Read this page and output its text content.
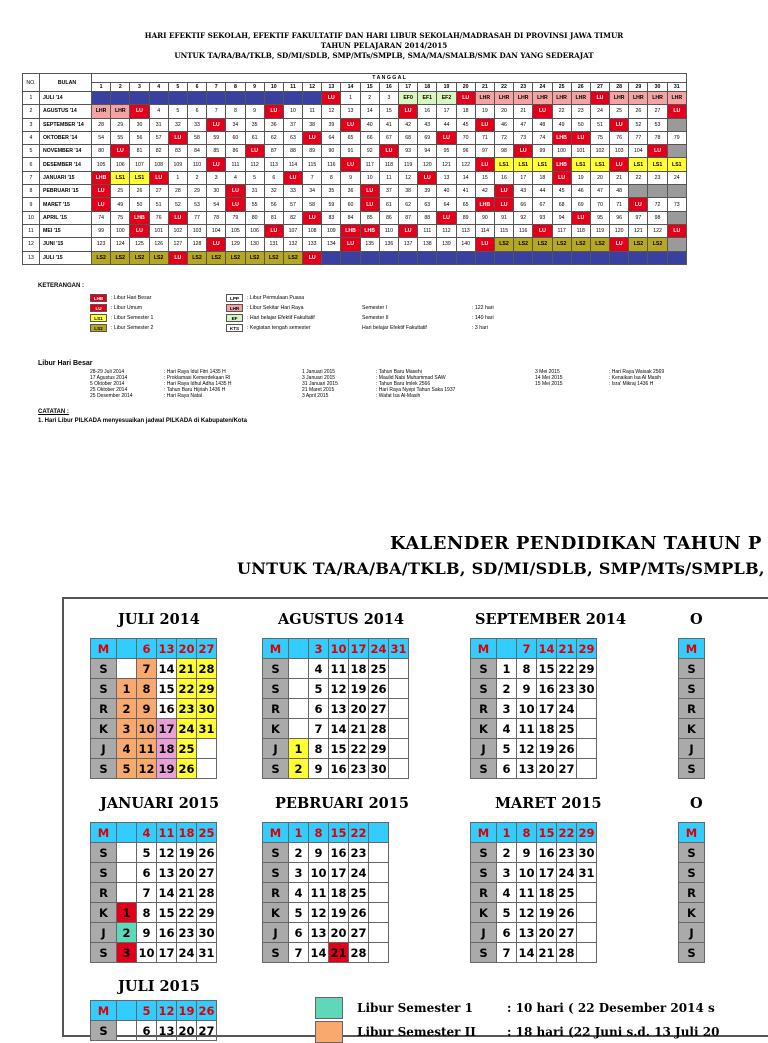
HARI EFEKTIF SEKOLAH, EFEKTIF FAKULTATIF DAN HARI LIBUR SEKOLAH/MADRASAH DI PROVINSI JAWA TIMUR
TAHUN PELAJARAN 2014/2015
UNTUK TA/RA/BA/TKLB, SD/MI/SDLB, SMP/MTs/SMPLB, SMA/MA/SMALB/SMK DAN YANG SEDERAJAT
NO.	BULAN	T A N G G A L																														
		1	2	3	4	5	6	7	8	9	10	11	12	13	14	15	16	17	18	19	20	21	22	23	24	25	26	27	28	29	30	31
1	JULI '14													LU	1	2	3	EF0	EF1	EF2	LU	LHR	LHR	LHR	LHR	LHR	LHR	LU	LHR	LHR	LHR	LHR
2	AGUSTUS '14	LHR	LHR	LU	4	5	6	7	8	9	LU	10	11	12	13	14	15	LU	16	17	18	19	20	21	LU	22	23	24	25	26	27	LU
3	SEPTEMBER '14	28	29	30	31	32	33	LU	34	35	36	37	38	39	LU	40	41	42	43	44	45	LU	46	47	48	49	50	51	LU	52	53	
4	OKTOBER '14	54	55	56	57	LU	58	59	60	61	62	63	LU	64	65	66	67	68	69	LU	70	71	72	73	74	LHB	LU	75	76	77	78	79
5	NOVEMBER '14	80	LU	81	82	83	84	85	86	LU	87	88	89	90	91	92	LU	93	94	95	96	97	98	LU	99	100	101	102	103	104	LU	
6	DESEMBER '14	105	106	107	108	109	110	LU	111	112	113	114	115	116	LU	117	118	119	120	121	122	LU	LS1	LS1	LS1	LHB	LS1	LS1	LU	LS1	LS1	LS1
7	JANUARI '15	LHB	LS1	LS1	LU	1	2	3	4	5	6	LU	7	8	9	10	11	12	LU	13	14	15	16	17	18	LU	19	20	21	22	23	24
8	PEBRUARI '15	LU	25	26	27	28	29	30	LU	31	32	33	34	35	36	LU	37	38	39	40	41	42	LU	43	44	45	46	47	48			
9	MARET '15	LU	49	50	51	52	53	54	LU	55	56	57	58	59	60	LU	61	62	63	64	65	LHB	LU	66	67	68	69	70	71	LU	72	73
10	APRIL '15	74	75	LHB	76	LU	77	78	79	80	81	82	LU	83	84	85	86	87	88	LU	89	90	91	92	93	94	LU	95	96	97	98	
11	MEI '15	99	100	LU	101	102	103	104	105	106	LU	107	108	109	LHB	LHB	110	LU	111	112	113	114	115	116	LU	117	118	119	120	121	122	LU
12	JUNI '15	123	124	125	126	127	128	LU	129	130	131	132	133	134	LU	135	136	137	138	139	140	LU	LS2	LS2	LS2	LS2	LS2	LS2	LU	LS2	LS2	
13	JULI '15	LS2	LS2	LS2	LS2	LU	LS2	LS2	LS2	LS2	LS2	LS2	LU																			
KETERANGAN :
LHB	: Libur Hari Besar
LU	: Libur Umum
LS1	: Libur Semester 1
LS2	: Libur Semester 2
LPP	: Libur Permulaan Puasa
LHR	: Libur Sekitar Hari Raya
EF	: Hari belajar Efektif Fakultatif
KTS	: Kegiatan tengah semester
Semester I	: 122 hari
Semester II	: 140 hari
Hari belajar Efektif Fakultatif	: 3 hari
Libur Hari Besar
28-29 Juli 2014	: Hari Raya Idul Fitri 1435 H
17 Agustus 2014	: Proklamasi Kemerdekaan RI
5 Oktober 2014	: Hari Raya Idhul Adha 1435 H
25 Oktober 2014	: Tahun Baru Hijriah 1436 H
25 Desember 2014	: Hari Raya Natal
1 Januari 2015	: Tahun Baru Masehi
3 Januari 2015	: Maulid Nabi Muhammad SAW
31 Januari 2015	: Tahun Baru Imlek 2566
21 Maret 2015	: Hari Raya Nyepi Tahun Saka 1937
3 April 2015	: Wafat Isa Al-Masih
3 Mei 2015	: Hari Raya Waisak 2569
14 Mei 2015	: Kenaikan Isa Al Masih
15 Mei 2015	: Isra' Mikraj 1436 H
CATATAN :
1. Hari Libur PILKADA menyesuaikan jadwal PILKADA di Kabupaten/Kota
KALENDER PENDIDIKAN TAHUN P
UNTUK TA/RA/BA/TKLB, SD/MI/SDLB, SMP/MTs/SMPLB,
JULI 2014
M		6	13	20	27
S		7	14	21	28
S	1	8	15	22	29
R	2	9	16	23	30
K	3	10	17	24	31
J	4	11	18	25	
S	5	12	19	26	
AGUSTUS 2014
M		3	10	17	24	31
S		4	11	18	25	
S		5	12	19	26	
R		6	13	20	27	
K		7	14	21	28	
J	1	8	15	22	29	
S	2	9	16	23	30	
SEPTEMBER 2014
M		7	14	21	29
S	1	8	15	22	29
S	2	9	16	23	30
R	3	10	17	24	
K	4	11	18	25	
J	5	12	19	26	
S	6	13	20	27	
JANUARI 2015
M		4	11	18	25
S		5	12	19	26
S		6	13	20	27
R		7	14	21	28
K	1	8	15	22	29
J	2	9	16	23	30
S	3	10	17	24	31
PEBRUARI 2015
M	1	8	15	22	
S	2	9	16	23	
S	3	10	17	24	
R	4	11	18	25	
K	5	12	19	26	
J	6	13	20	27	
S	7	14	21	28	
MARET 2015
M	1	8	15	22	29
S	2	9	16	23	30
S	3	10	17	24	31
R	4	11	18	25	
K	5	12	19	26	
J	6	13	20	27	
S	7	14	21	28	
JULI 2015
M		5	12	19	26
S		6	13	20	27
O
M
S
S
R
K
J
S
O
M
S
S
R
K
J
S
Libur Semester 1	: 10 hari ( 22 Desember 2014 s
Libur Semester II	: 18 hari (22 Juni s.d. 13 Juli 20
